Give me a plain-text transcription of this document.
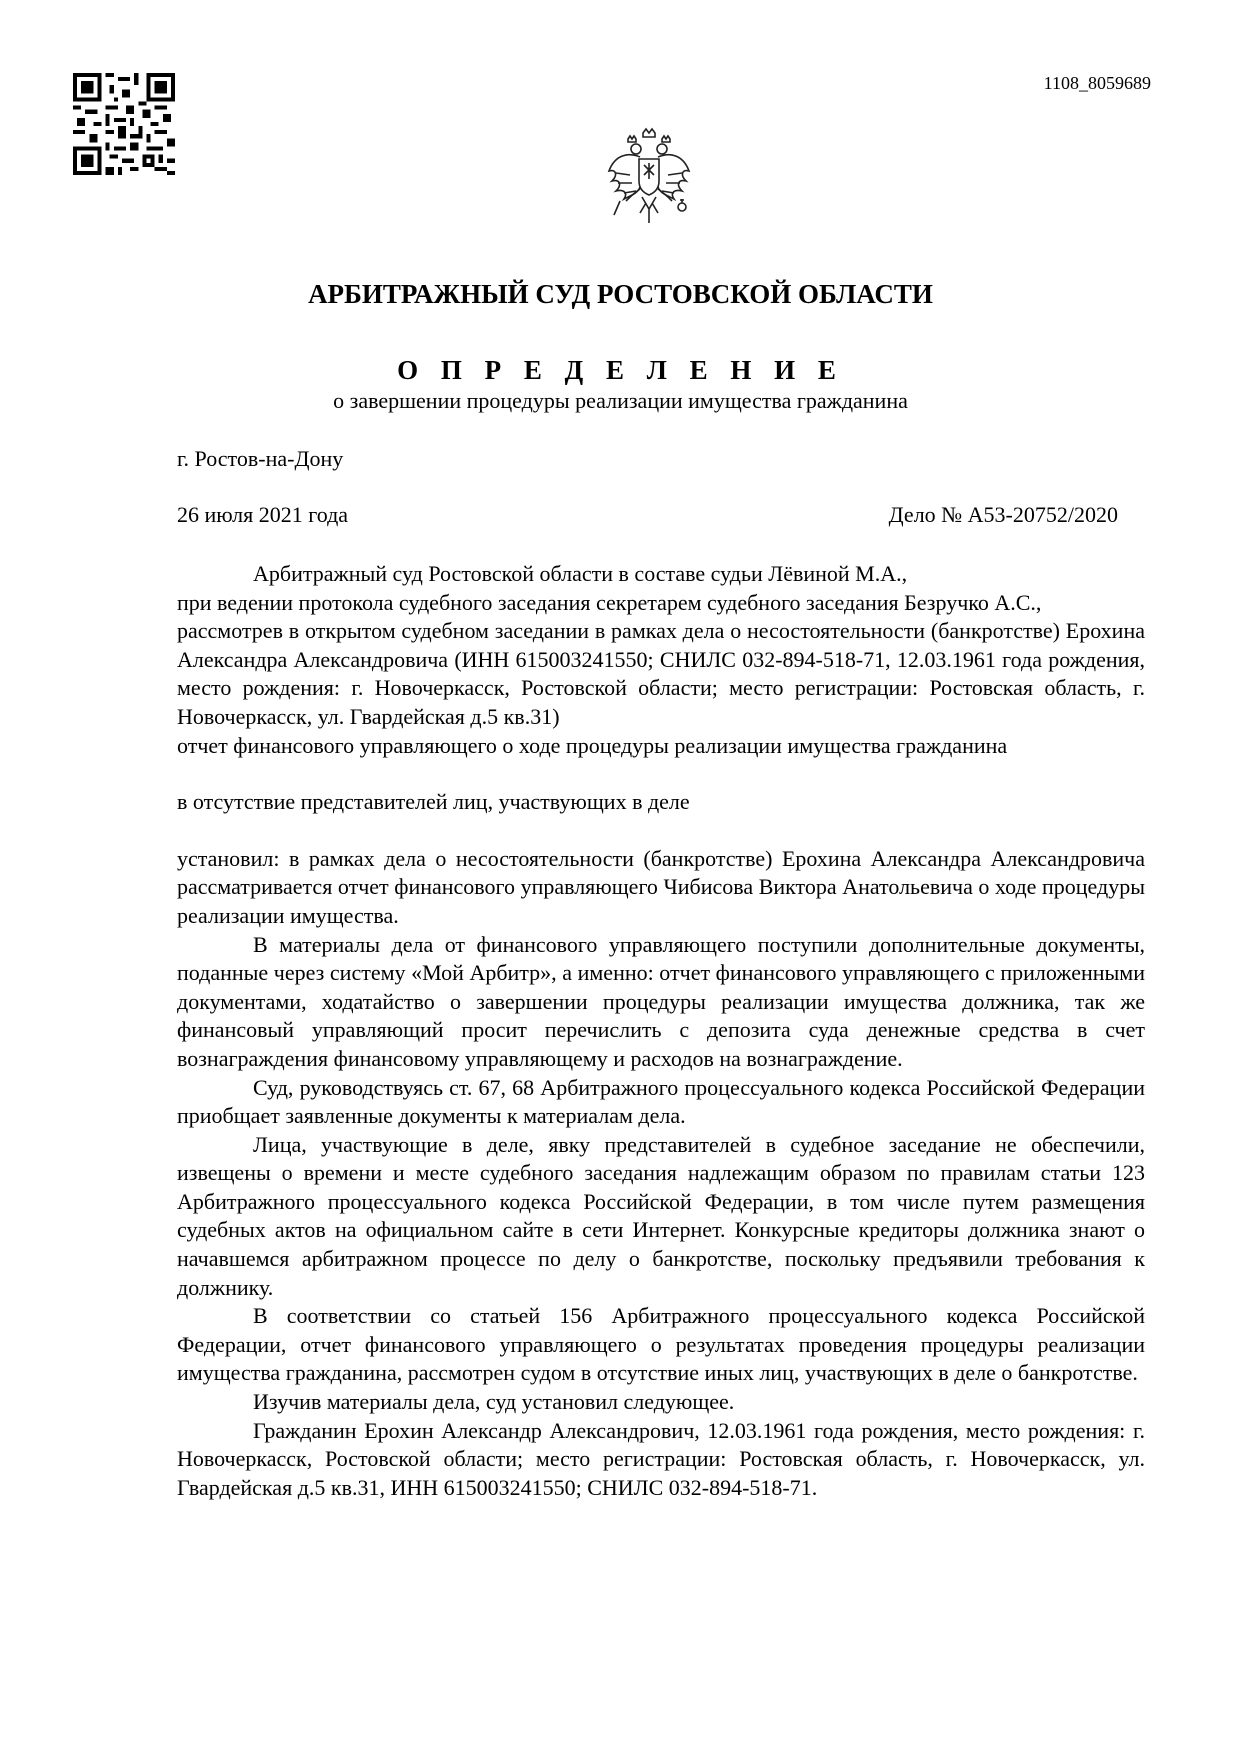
1108_8059689
АРБИТРАЖНЫЙ СУД РОСТОВСКОЙ ОБЛАСТИ
О П Р Е Д Е Л Е Н И Е
о завершении процедуры реализации имущества гражданина
г. Ростов-на-Дону
26 июля 2021 года	Дело № А53-20752/2020

Арбитражный суд Ростовской области в составе судьи Лёвиной М.А.,

при ведении протокола судебного заседания секретарем судебного заседания Безручко А.С.,

рассмотрев в открытом судебном заседании в рамках дела о несостоятельности (банкротстве) Ерохина Александра Александровича (ИНН 615003241550; СНИЛС 032-894-518-71, 12.03.1961 года рождения, место рождения: г. Новочеркасск, Ростовской области; место регистрации: Ростовская область, г. Новочеркасск, ул. Гвардейская д.5 кв.31)

отчет финансового управляющего о ходе процедуры реализации имущества гражданина

в отсутствие представителей лиц, участвующих в деле

установил: в рамках дела о несостоятельности (банкротстве) Ерохина Александра Александровича рассматривается отчет финансового управляющего Чибисова Виктора Анатольевича о ходе процедуры реализации имущества.

В материалы дела от финансового управляющего поступили дополнительные документы, поданные через систему «Мой Арбитр», а именно: отчет финансового управляющего с приложенными документами, ходатайство о завершении процедуры реализации имущества должника, так же финансовый управляющий просит перечислить с депозита суда денежные средства в счет вознаграждения финансовому управляющему и расходов на вознаграждение.

Суд, руководствуясь ст. 67, 68 Арбитражного процессуального кодекса Российской Федерации приобщает заявленные документы к материалам дела.

Лица, участвующие в деле, явку представителей в судебное заседание не обеспечили, извещены о времени и месте судебного заседания надлежащим образом по правилам статьи 123 Арбитражного процессуального кодекса Российской Федерации, в том числе путем размещения судебных актов на официальном сайте в сети Интернет. Конкурсные кредиторы должника знают о начавшемся арбитражном процессе по делу о банкротстве, поскольку предъявили требования к должнику.

В соответствии со статьей 156 Арбитражного процессуального кодекса Российской Федерации, отчет финансового управляющего о результатах проведения процедуры реализации имущества гражданина, рассмотрен судом в отсутствие иных лиц, участвующих в деле о банкротстве.

Изучив материалы дела, суд установил следующее.

Гражданин Ерохин Александр Александрович, 12.03.1961 года рождения, место рождения: г. Новочеркасск, Ростовской области; место регистрации: Ростовская область, г. Новочеркасск, ул. Гвардейская д.5 кв.31, ИНН 615003241550; СНИЛС 032-894-518-71.
